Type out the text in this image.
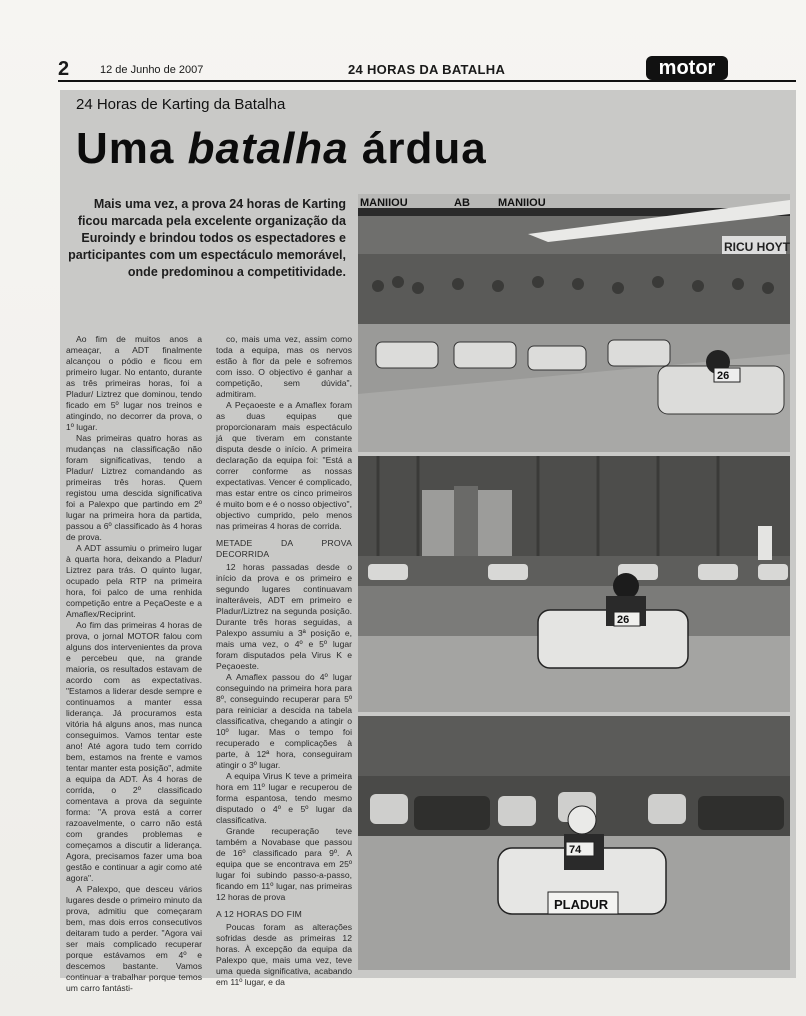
2	12 de Junho de 2007	24 HORAS DA BATALHA	motor
24 Horas de Karting da Batalha
Uma batalha árdua
Mais uma vez, a prova 24 horas de Karting ficou marcada pela excelente organização da Euroindy e brindou todos os espectadores e participantes com um espectáculo memorável, onde predominou a competitividade.

Ao fim de muitos anos a ameaçar, a ADT finalmente alcançou o pódio e ficou em primeiro lugar. No entanto, durante as três primeiras horas, foi a Pladur/ Liztrez que dominou, tendo ficado em 5º lugar nos treinos e atingindo, no decorrer da prova, o 1º lugar.

Nas primeiras quatro horas as mudanças na classificação não foram significativas, tendo a Pladur/ Liztrez comandando as primeiras três horas. Quem registou uma descida significativa foi a Palexpo que partindo em 2º lugar na primeira hora da partida, passou a 6º classificado às 4 horas de prova.

A ADT assumiu o primeiro lugar à quarta hora, deixando a Pladur/ Liztrez para trás. O quinto lugar, ocupado pela RTP na primeira hora, foi palco de uma renhida competição entre a PeçaOeste e a Amaflex/Reciprint.

Ao fim das primeiras 4 horas de prova, o jornal MOTOR falou com alguns dos intervenientes da prova e percebeu que, na grande maioria, os resultados estavam de acordo com as expectativas. "Estamos a liderar desde sempre e continuamos a manter essa liderança. Já procuramos esta vitória há alguns anos, mas nunca conseguimos. Vamos tentar este ano! Até agora tudo tem corrido bem, estamos na frente e vamos tentar manter esta posição", admite a equipa da ADT. Às 4 horas de corrida, o 2º classificado comentava a prova da seguinte forma: "A prova está a correr razoavelmente, o carro não está com grandes problemas e começamos a discutir a liderança. Agora, precisamos fazer uma boa gestão e continuar a agir como até agora".

A Palexpo, que desceu vários lugares desde o primeiro minuto da prova, admitiu que começaram bem, mas dois erros consecutivos deitaram tudo a perder. "Agora vai ser mais complicado recuperar porque estávamos em 4º e descemos bastante. Vamos continuar a trabalhar porque temos um carro fantásti-

co, mais uma vez, assim como toda a equipa, mas os nervos estão à flor da pele e sofremos com isso. O objectivo é ganhar a competição, sem dúvida", admitiram.

A Peçaoeste e a Amaflex foram as duas equipas que proporcionaram mais espectáculo já que tiveram em constante disputa desde o início. A primeira declaração da equipa foi: "Está a correr conforme as nossas expectativas. Vencer é complicado, mas estar entre os cinco primeiros é muito bom e é o nosso objectivo", objectivo cumprido, pelo menos nas primeiras 4 horas de corrida.

METADE DA PROVA DECORRIDA

12 horas passadas desde o início da prova e os primeiro e segundo lugares continuavam inalteráveis, ADT em primeiro e Pladur/Liztrez na segunda posição. Durante três horas seguidas, a Palexpo assumiu a 3ª posição e, mais uma vez, o 4º e 5º lugar foram disputados pela Virus K e Peçaoeste.

A Amaflex passou do 4º lugar conseguindo na primeira hora para 8º, conseguindo recuperar para 5º para reiniciar a descida na tabela classificativa, chegando a atingir o 10º lugar. Mas o tempo foi recuperado e complicações à parte, à 12ª hora, conseguiram atingir o 3º lugar.

A equipa Virus K teve a primeira hora em 11º lugar e recuperou de forma espantosa, tendo mesmo disputado o 4º e 5º lugar da classificativa.

Grande recuperação teve também a Novabase que passou de 16º classificado para 9º. A equipa que se encontrava em 25º lugar foi subindo passo-a-passo, ficando em 11º lugar, nas primeiras 12 horas de prova

A 12 HORAS DO FIM

Poucas foram as alterações sofridas desde as primeiras 12 horas. À excepção da equipa da Palexpo que, mais uma vez, teve uma queda significativa, acabando em 11º lugar, e da

MANIIOU	AB	MANIIOU
RICU HOYT
26
26
74
PLADUR
